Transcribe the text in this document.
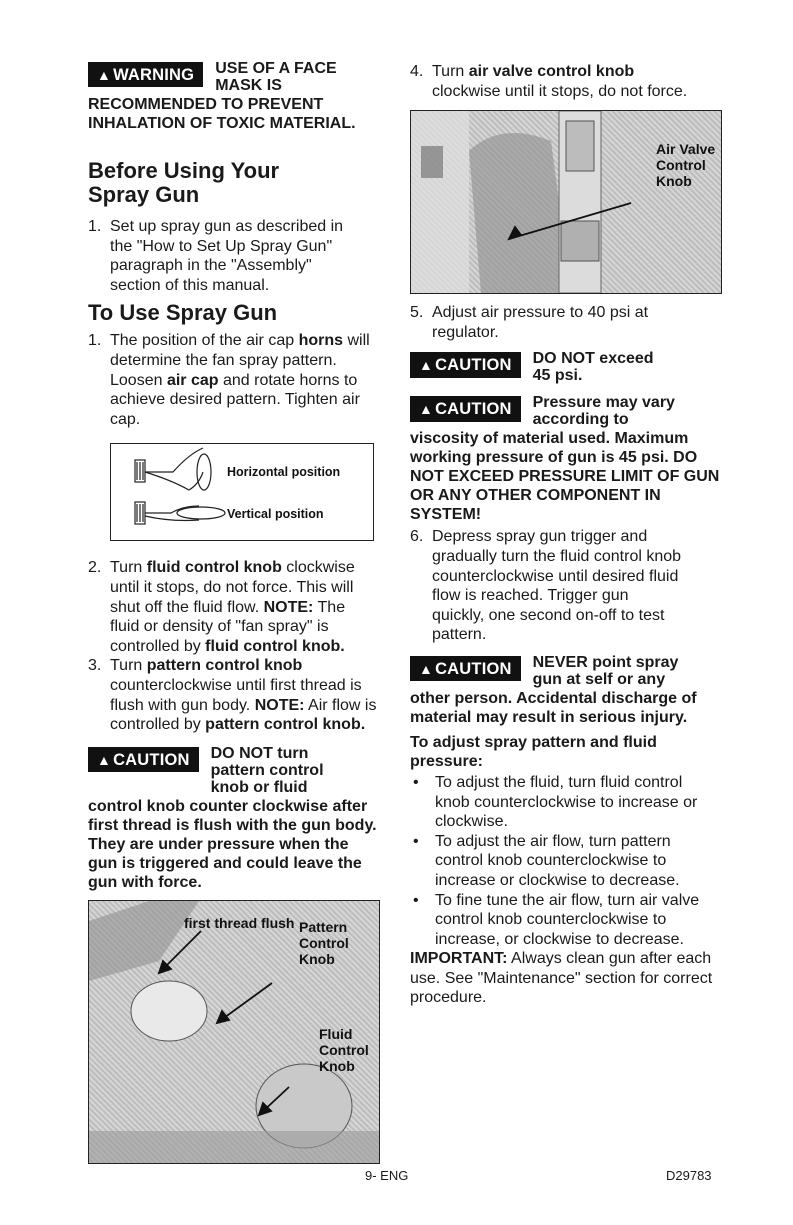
▲ WARNING	USE OF A FACE MASK IS
RECOMMENDED TO PREVENT INHALATION OF TOXIC MATERIAL.
Before Using Your Spray Gun
1. Set up spray gun as described in the "How to Set Up Spray Gun" paragraph in the "Assembly" section of this manual.
To Use Spray Gun
1. The position of the air cap horns will determine the fan spray pattern. Loosen air cap and rotate horns to achieve desired pattern. Tighten air cap.
Horizontal position
Vertical position
2. Turn fluid control knob clockwise until it stops, do not force. This will shut off the fluid flow. NOTE: The fluid or density of "fan spray" is controlled by fluid control knob.
3. Turn pattern control knob counterclockwise until first thread is flush with gun body. NOTE: Air flow is controlled by pattern control knob.
▲ CAUTION	DO NOT turn pattern control knob or fluid
control knob counter clockwise after first thread is flush with the gun body. They are under pressure when the gun is triggered and could leave the gun with force.
first thread flush Pattern Control Knob
Fluid Control Knob
4. Turn air valve control knob clockwise until it stops, do not force.
Air Valve Control Knob
5. Adjust air pressure to 40 psi at regulator.
▲ CAUTION	DO NOT exceed 45 psi.
▲ CAUTION	Pressure may vary according to
viscosity of material used. Maximum working pressure of gun is 45 psi. DO NOT EXCEED PRESSURE LIMIT OF GUN OR ANY OTHER COMPONENT IN SYSTEM!
6. Depress spray gun trigger and gradually turn the fluid control knob counterclockwise until desired fluid flow is reached. Trigger gun quickly, one second on-off to test pattern.
▲ CAUTION	NEVER point spray gun at self or any
other person. Accidental discharge of material may result in serious injury.
To adjust spray pattern and fluid pressure:
•	To adjust the fluid, turn fluid control knob counterclockwise to increase or clockwise.
•	To adjust the air flow, turn pattern control knob counterclockwise to increase or clockwise to decrease.
•	To fine tune the air flow, turn air valve control knob counterclockwise to increase, or clockwise to decrease.

IMPORTANT: Always clean gun after each use. See "Maintenance" section for correct procedure.

9- ENG	D29783
